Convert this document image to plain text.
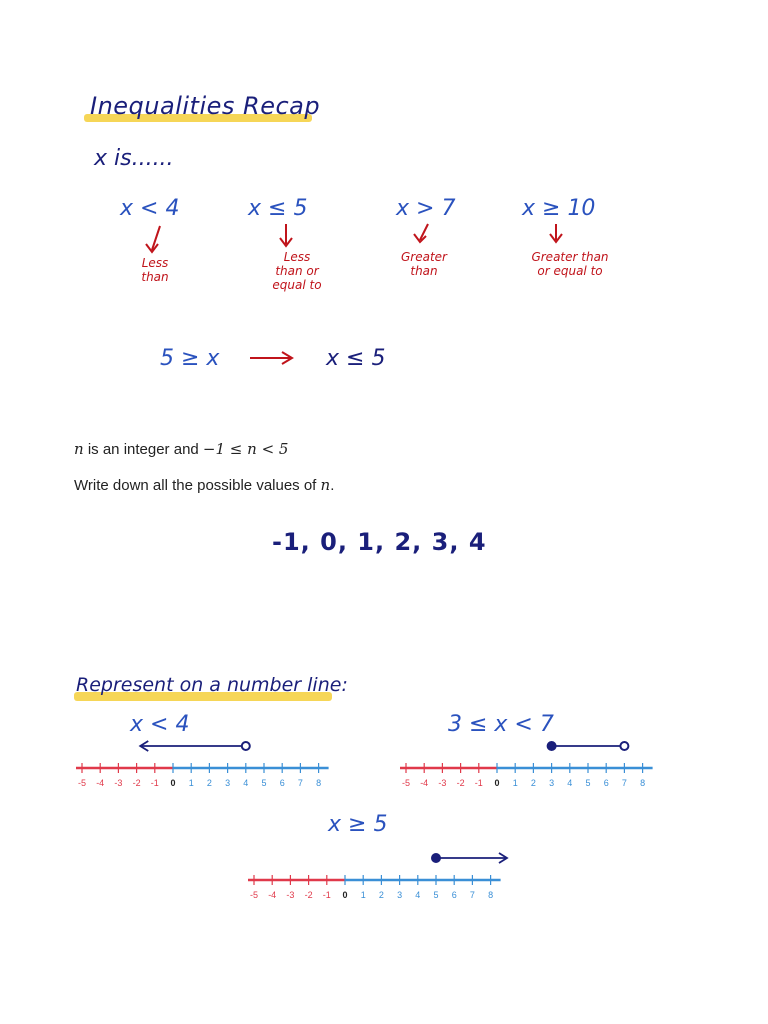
Inequalities Recap
x is......
x < 4	x ≤ 5	x > 7	x ≥ 10
Less
than
Less
than or
equal to
Greater
than
Greater than
or equal to
5 ≥ x	x ≤ 5
n is an integer and −1 ≤ n < 5
Write down all the possible values of n.
-1, 0, 1, 2, 3, 4
Represent on a number line:
x < 4	3 ≤ x < 7
x ≥ 5
-5 -4 -3 -2 -1 0 1 2 3 4 5 6 7 8	-5 -4 -3 -2 -1 0 1 2 3 4 5 6 7 8
-5 -4 -3 -2 -1 0 1 2 3 4 5 6 7 8
